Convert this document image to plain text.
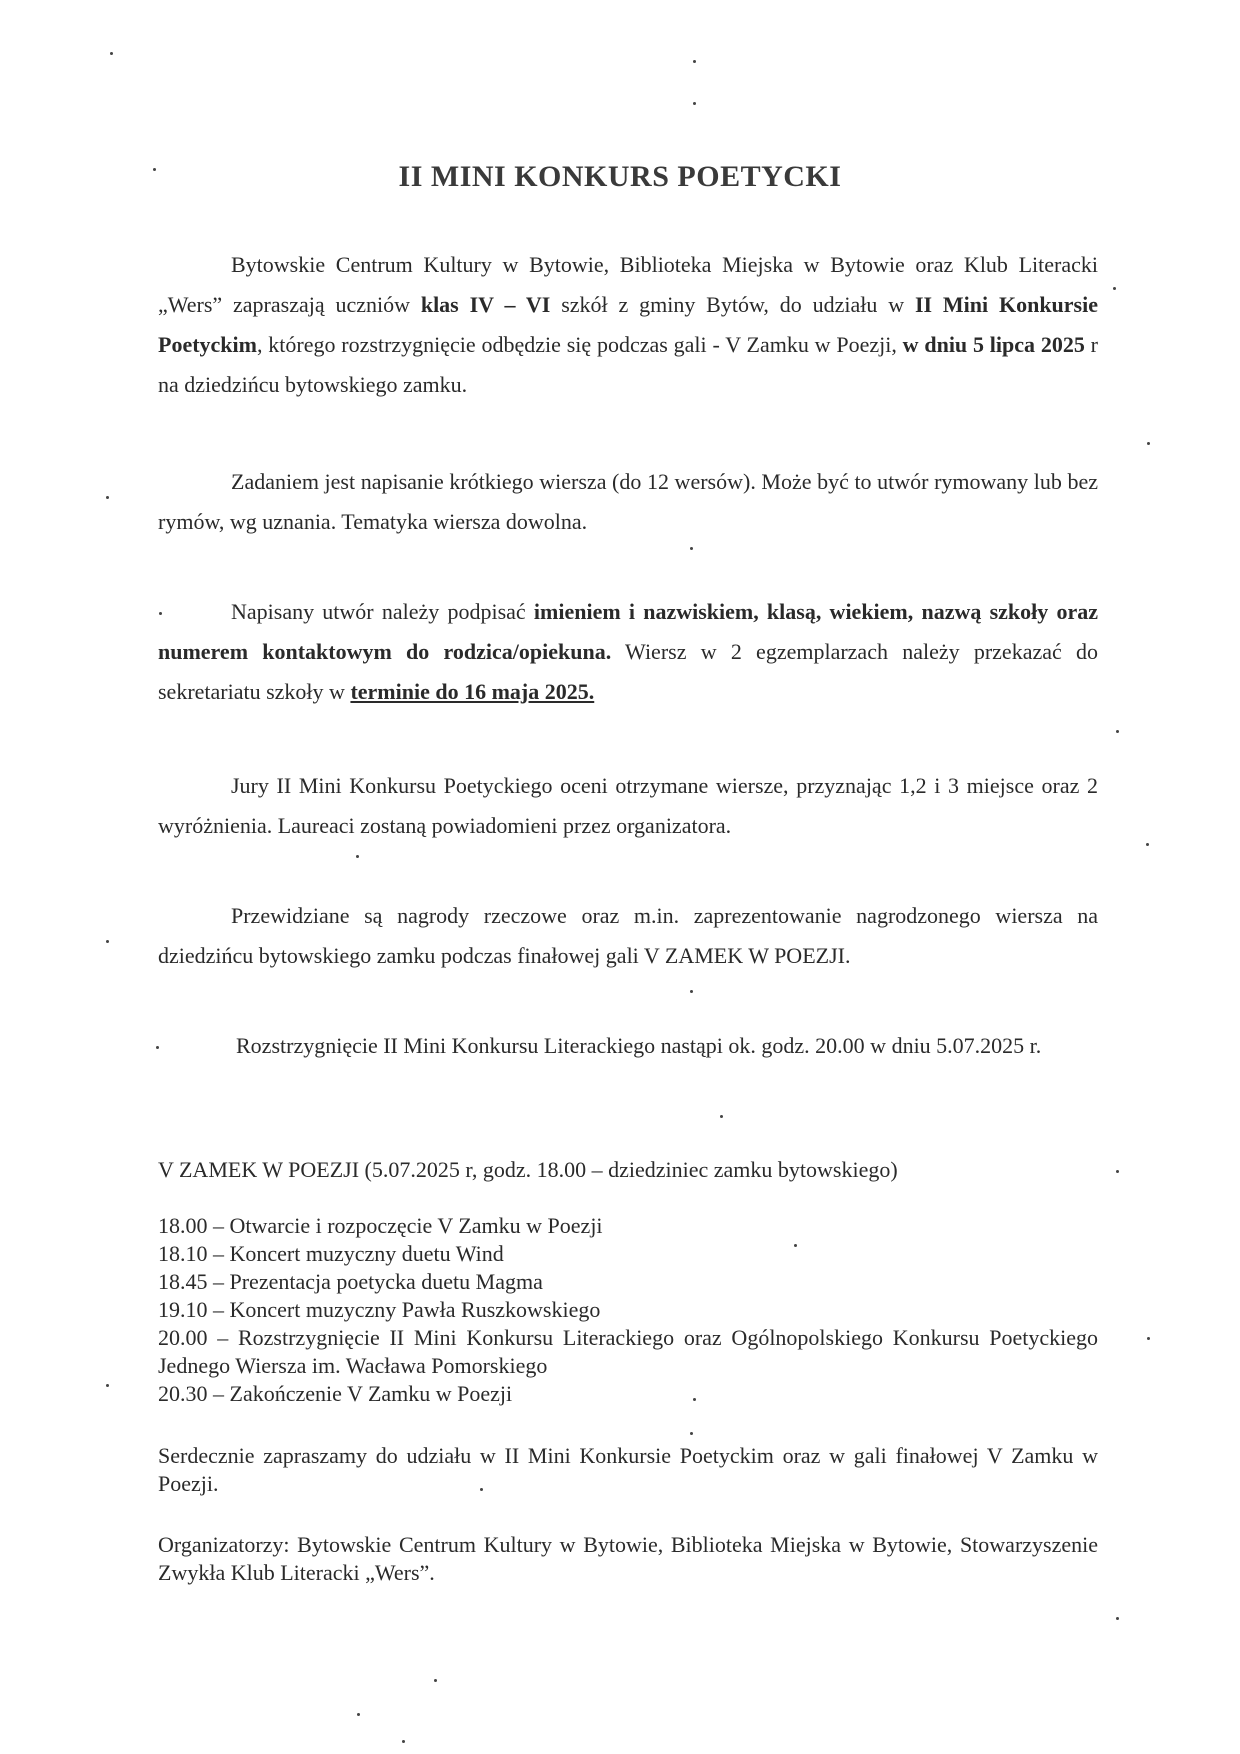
II MINI KONKURS POETYCKI
Bytowskie Centrum Kultury w Bytowie, Biblioteka Miejska w Bytowie oraz Klub Literacki „Wers” zapraszają uczniów klas IV – VI szkół z gminy Bytów, do udziału w II Mini Konkursie Poetyckim, którego rozstrzygnięcie odbędzie się podczas gali - V Zamku w Poezji, w dniu 5 lipca 2025 r na dziedzińcu bytowskiego zamku.
Zadaniem jest napisanie krótkiego wiersza (do 12 wersów). Może być to utwór rymowany lub bez rymów, wg uznania. Tematyka wiersza dowolna.
Napisany utwór należy podpisać imieniem i nazwiskiem, klasą, wiekiem, nazwą szkoły oraz numerem kontaktowym do rodzica/opiekuna. Wiersz w 2 egzemplarzach należy przekazać do sekretariatu szkoły w terminie do 16 maja 2025.
Jury II Mini Konkursu Poetyckiego oceni otrzymane wiersze, przyznając 1,2 i 3 miejsce oraz 2 wyróżnienia. Laureaci zostaną powiadomieni przez organizatora.
Przewidziane są nagrody rzeczowe oraz m.in. zaprezentowanie nagrodzonego wiersza na dziedzińcu bytowskiego zamku podczas finałowej gali V ZAMEK W POEZJI.
Rozstrzygnięcie II Mini Konkursu Literackiego nastąpi ok. godz. 20.00 w dniu 5.07.2025 r.
V ZAMEK W POEZJI (5.07.2025 r, godz. 18.00 – dziedziniec zamku bytowskiego)
18.00 – Otwarcie i rozpoczęcie V Zamku w Poezji
18.10 – Koncert muzyczny duetu Wind
18.45 – Prezentacja poetycka duetu Magma
19.10 – Koncert muzyczny Pawła Ruszkowskiego
20.00 – Rozstrzygnięcie II Mini Konkursu Literackiego oraz Ogólnopolskiego Konkursu Poetyckiego Jednego Wiersza im. Wacława Pomorskiego
20.30 – Zakończenie V Zamku w Poezji
Serdecznie zapraszamy do udziału w II Mini Konkursie Poetyckim oraz w gali finałowej V Zamku w Poezji.
Organizatorzy: Bytowskie Centrum Kultury w Bytowie, Biblioteka Miejska w Bytowie, Stowarzyszenie Zwykła Klub Literacki „Wers”.
